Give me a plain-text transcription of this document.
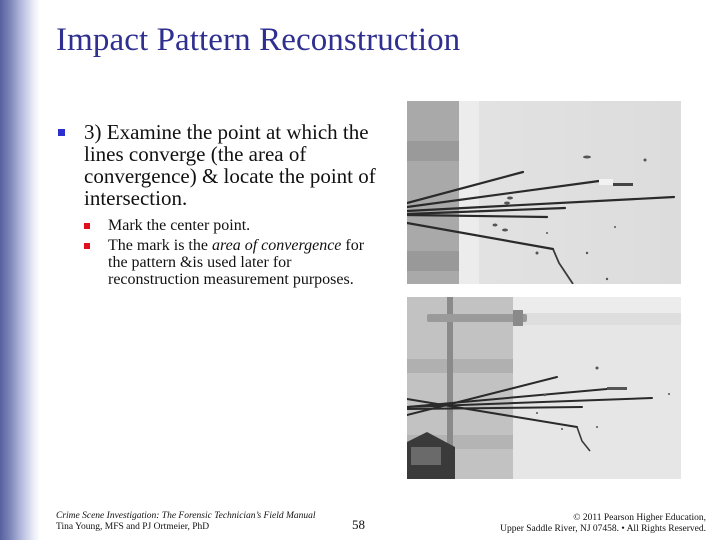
Impact Pattern Reconstruction
3) Examine the point at which the lines converge (the area of convergence) & locate the point of intersection.
Mark the center point.
The mark is the area of convergence for the pattern &is used later for reconstruction measurement purposes.
Crime Scene Investigation: The Forensic Technician’s Field Manual
Tina Young, MFS and PJ Ortmeier, PhD	58	© 2011 Pearson Higher Education,
Upper Saddle River, NJ 07458. • All Rights Reserved.
